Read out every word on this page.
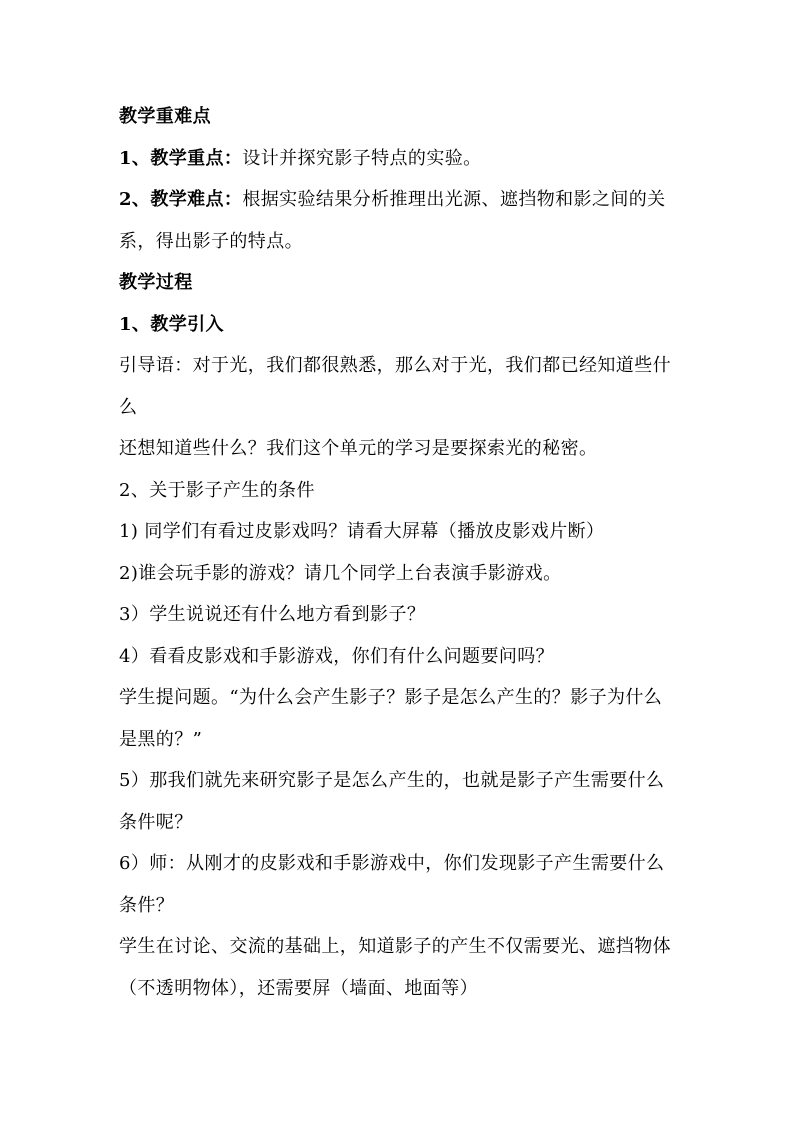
教学重难点
1、教学重点：设计并探究影子特点的实验。
2、教学难点：根据实验结果分析推理出光源、遮挡物和影之间的关
系，得出影子的特点。
教学过程
1、教学引入
引导语：对于光，我们都很熟悉，那么对于光，我们都已经知道些什
么
还想知道些什么？我们这个单元的学习是要探索光的秘密。
2、关于影子产生的条件
1) 同学们有看过皮影戏吗？请看大屏幕（播放皮影戏片断）
2)谁会玩手影的游戏？请几个同学上台表演手影游戏。
3）学生说说还有什么地方看到影子？
4）看看皮影戏和手影游戏，你们有什么问题要问吗？
学生提问题。“为什么会产生影子？影子是怎么产生的？影子为什么
是黑的？”
5）那我们就先来研究影子是怎么产生的，也就是影子产生需要什么
条件呢？
6）师：从刚才的皮影戏和手影游戏中，你们发现影子产生需要什么
条件？
学生在讨论、交流的基础上，知道影子的产生不仅需要光、遮挡物体
（不透明物体），还需要屏（墙面、地面等）
